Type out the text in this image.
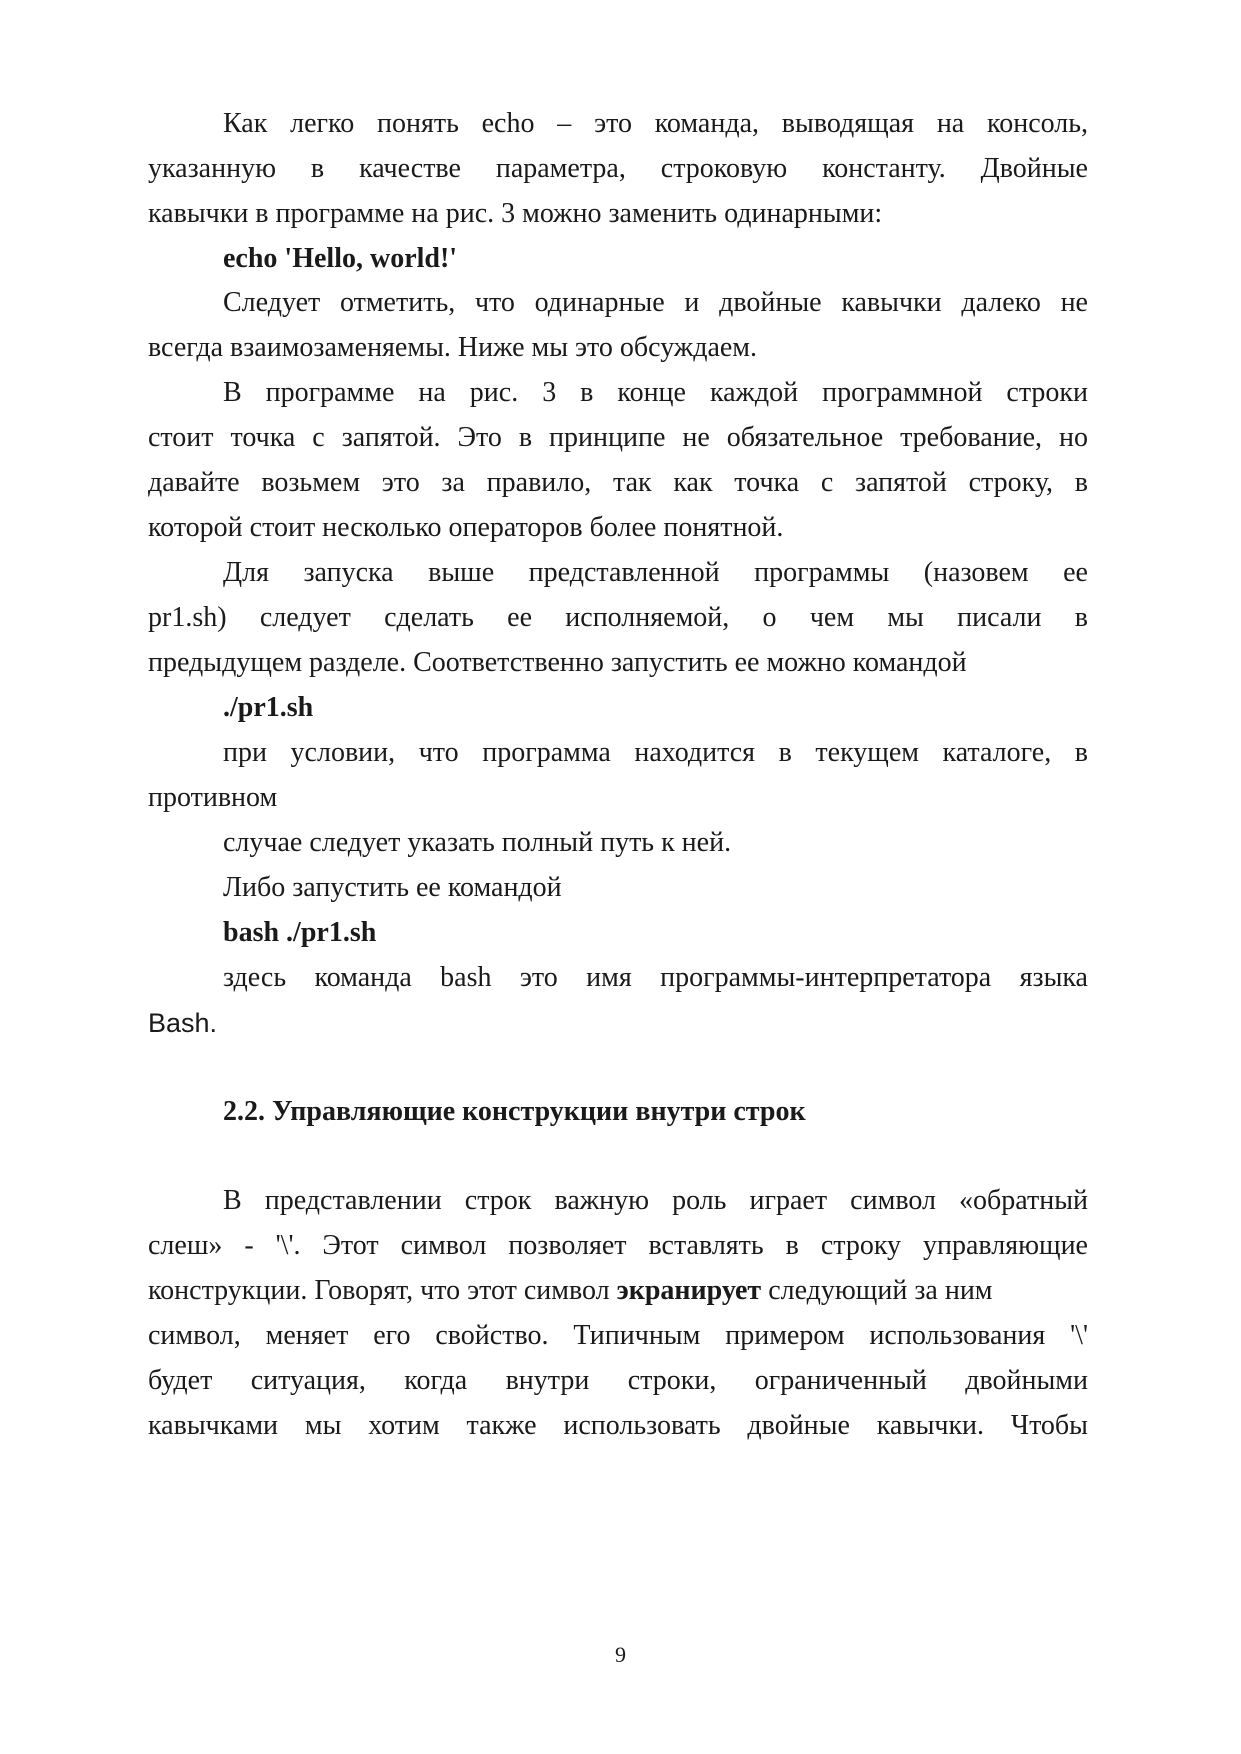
Как легко понять echo – это команда, выводящая на консоль,
указанную в качестве параметра, строковую константу. Двойные
кавычки в программе на рис. 3 можно заменить одинарными:
echo 'Hello, world!'
Следует отметить, что одинарные и двойные кавычки далеко не
всегда взаимозаменяемы. Ниже мы это обсуждаем.
В программе на рис. 3 в конце каждой программной строки
стоит точка с запятой. Это в принципе не обязательное требование, но
давайте возьмем это за правило, так как точка с запятой строку, в
которой стоит несколько операторов более понятной.
Для запуска выше представленной программы (назовем ее
pr1.sh) следует сделать ее исполняемой, о чем мы писали в
предыдущем разделе. Соответственно запустить ее можно командой
./pr1.sh
при условии, что программа находится в текущем каталоге, в
противном
случае следует указать полный путь к ней.
Либо запустить ее командой
bash ./pr1.sh
здесь команда bash это имя программы-интерпретатора языка
Bash.
2.2. Управляющие конструкции внутри строк
В представлении строк важную роль играет символ «обратный
слеш» - '\'. Этот символ позволяет вставлять в строку управляющие
конструкции. Говорят, что этот символ экранирует следующий за ним
символ, меняет его свойство. Типичным примером использования '\'
будет ситуация, когда внутри строки, ограниченный двойными
кавычками мы хотим также использовать двойные кавычки. Чтобы
9
